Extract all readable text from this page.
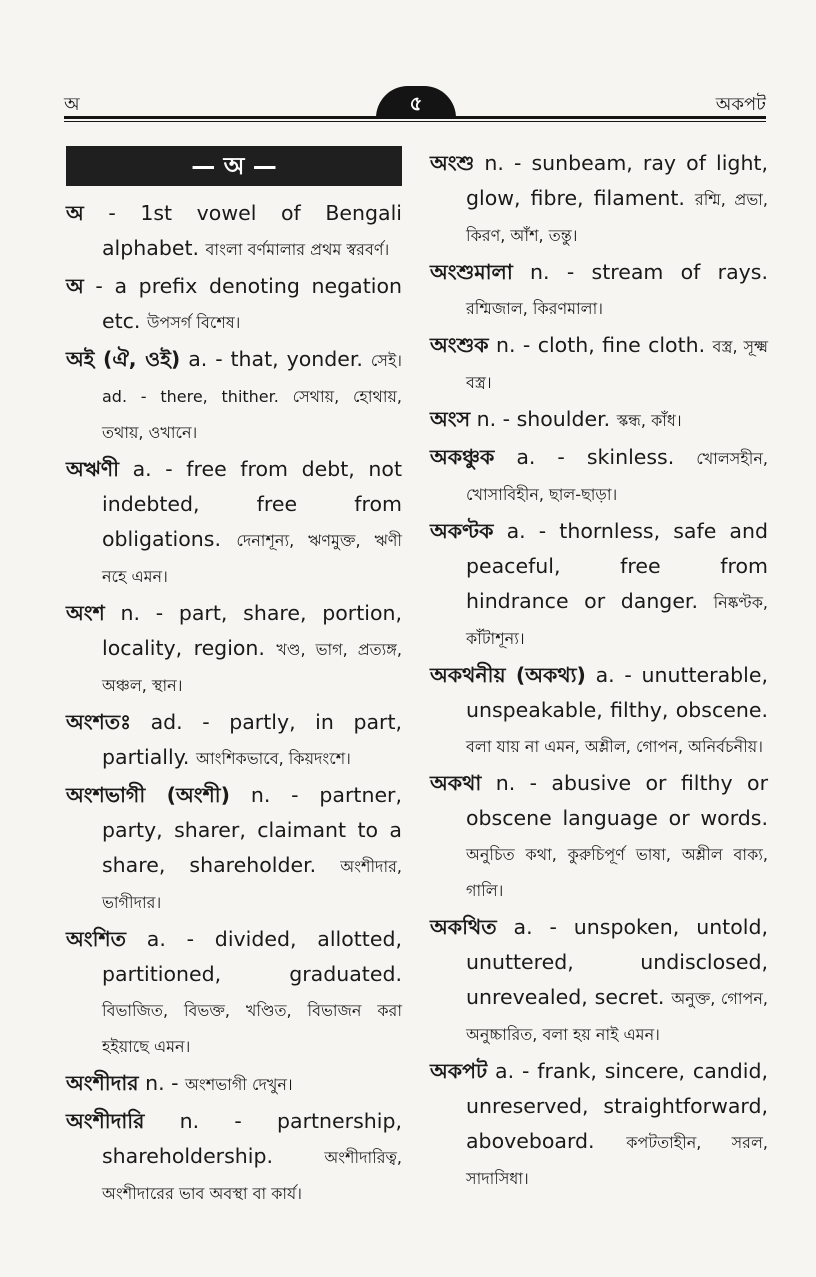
অ	৫	অকপট
— অ —

অ - 1st vowel of Bengali alphabet. বাংলা বর্ণমালার প্রথম স্বরবর্ণ।

অ - a prefix denoting negation etc. উপসর্গ বিশেষ।

অই (ঐ, ওই) a. - that, yonder. সেই। ad. - there, thither. সেথায়, হোথায়, তথায়, ওখানে।

অঋণী a. - free from debt, not indebted, free from obligations. দেনাশূন্য, ঋণমুক্ত, ঋণী নহে এমন।

অংশ n. - part, share, portion, locality, region. খণ্ড, ভাগ, প্রত্যঙ্গ, অঞ্চল, স্থান।

অংশতঃ ad. - partly, in part, partially. আংশিকভাবে, কিয়দংশে।

অংশভাগী (অংশী) n. - partner, party, sharer, claimant to a share, shareholder. অংশীদার, ভাগীদার।

অংশিত a. - divided, allotted, partitioned, graduated. বিভাজিত, বিভক্ত, খণ্ডিত, বিভাজন করা হইয়াছে এমন।

অংশীদার n. - অংশভাগী দেখুন।

অংশীদারি n. - partnership, shareholdership. অংশীদারিত্ব, অংশীদারের ভাব অবস্থা বা কার্য।

অংশু n. - sunbeam, ray of light, glow, fibre, filament. রশ্মি, প্রভা, কিরণ, আঁশ, তন্তু।

অংশুমালা n. - stream of rays. রশ্মিজাল, কিরণমালা।

অংশুক n. - cloth, fine cloth. বস্ত্র, সূক্ষ্ম বস্ত্র।

অংস n. - shoulder. স্কন্ধ, কাঁধ।

অকঞ্চুক a. - skinless. খোলসহীন, খোসাবিহীন, ছাল-ছাড়া।

অকণ্টক a. - thornless, safe and peaceful, free from hindrance or danger. নিষ্কণ্টক, কাঁটাশূন্য।

অকথনীয় (অকথ্য) a. - unutterable, unspeakable, filthy, obscene. বলা যায় না এমন, অশ্লীল, গোপন, অনির্বচনীয়।

অকথা n. - abusive or filthy or obscene language or words. অনুচিত কথা, কুরুচিপূর্ণ ভাষা, অশ্লীল বাক্য, গালি।

অকথিত a. - unspoken, untold, unuttered, undisclosed, unrevealed, secret. অনুক্ত, গোপন, অনুচ্চারিত, বলা হয় নাই এমন।

অকপট a. - frank, sincere, candid, unreserved, straightforward, aboveboard. কপটতাহীন, সরল, সাদাসিধা।
